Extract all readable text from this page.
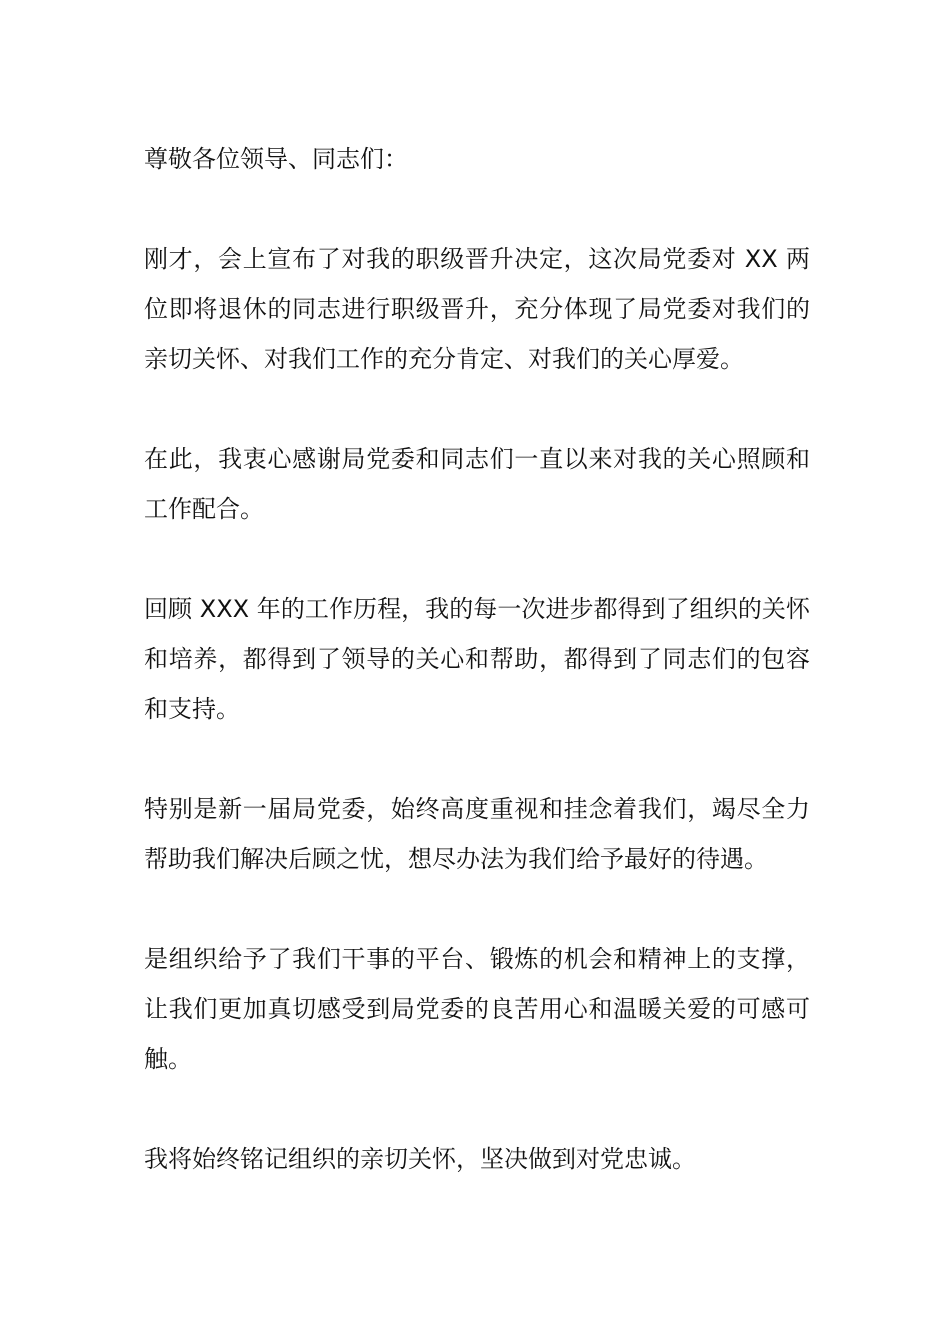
尊敬各位领导、同志们：

刚才，会上宣布了对我的职级晋升决定，这次局党委对 XX 两位即将退休的同志进行职级晋升，充分体现了局党委对我们的亲切关怀、对我们工作的充分肯定、对我们的关心厚爱。

在此，我衷心感谢局党委和同志们一直以来对我的关心照顾和工作配合。

回顾 XXX 年的工作历程，我的每一次进步都得到了组织的关怀和培养，都得到了领导的关心和帮助，都得到了同志们的包容和支持。

特别是新一届局党委，始终高度重视和挂念着我们，竭尽全力帮助我们解决后顾之忧，想尽办法为我们给予最好的待遇。

是组织给予了我们干事的平台、锻炼的机会和精神上的支撑，让我们更加真切感受到局党委的良苦用心和温暖关爱的可感可触。

我将始终铭记组织的亲切关怀，坚决做到对党忠诚。
